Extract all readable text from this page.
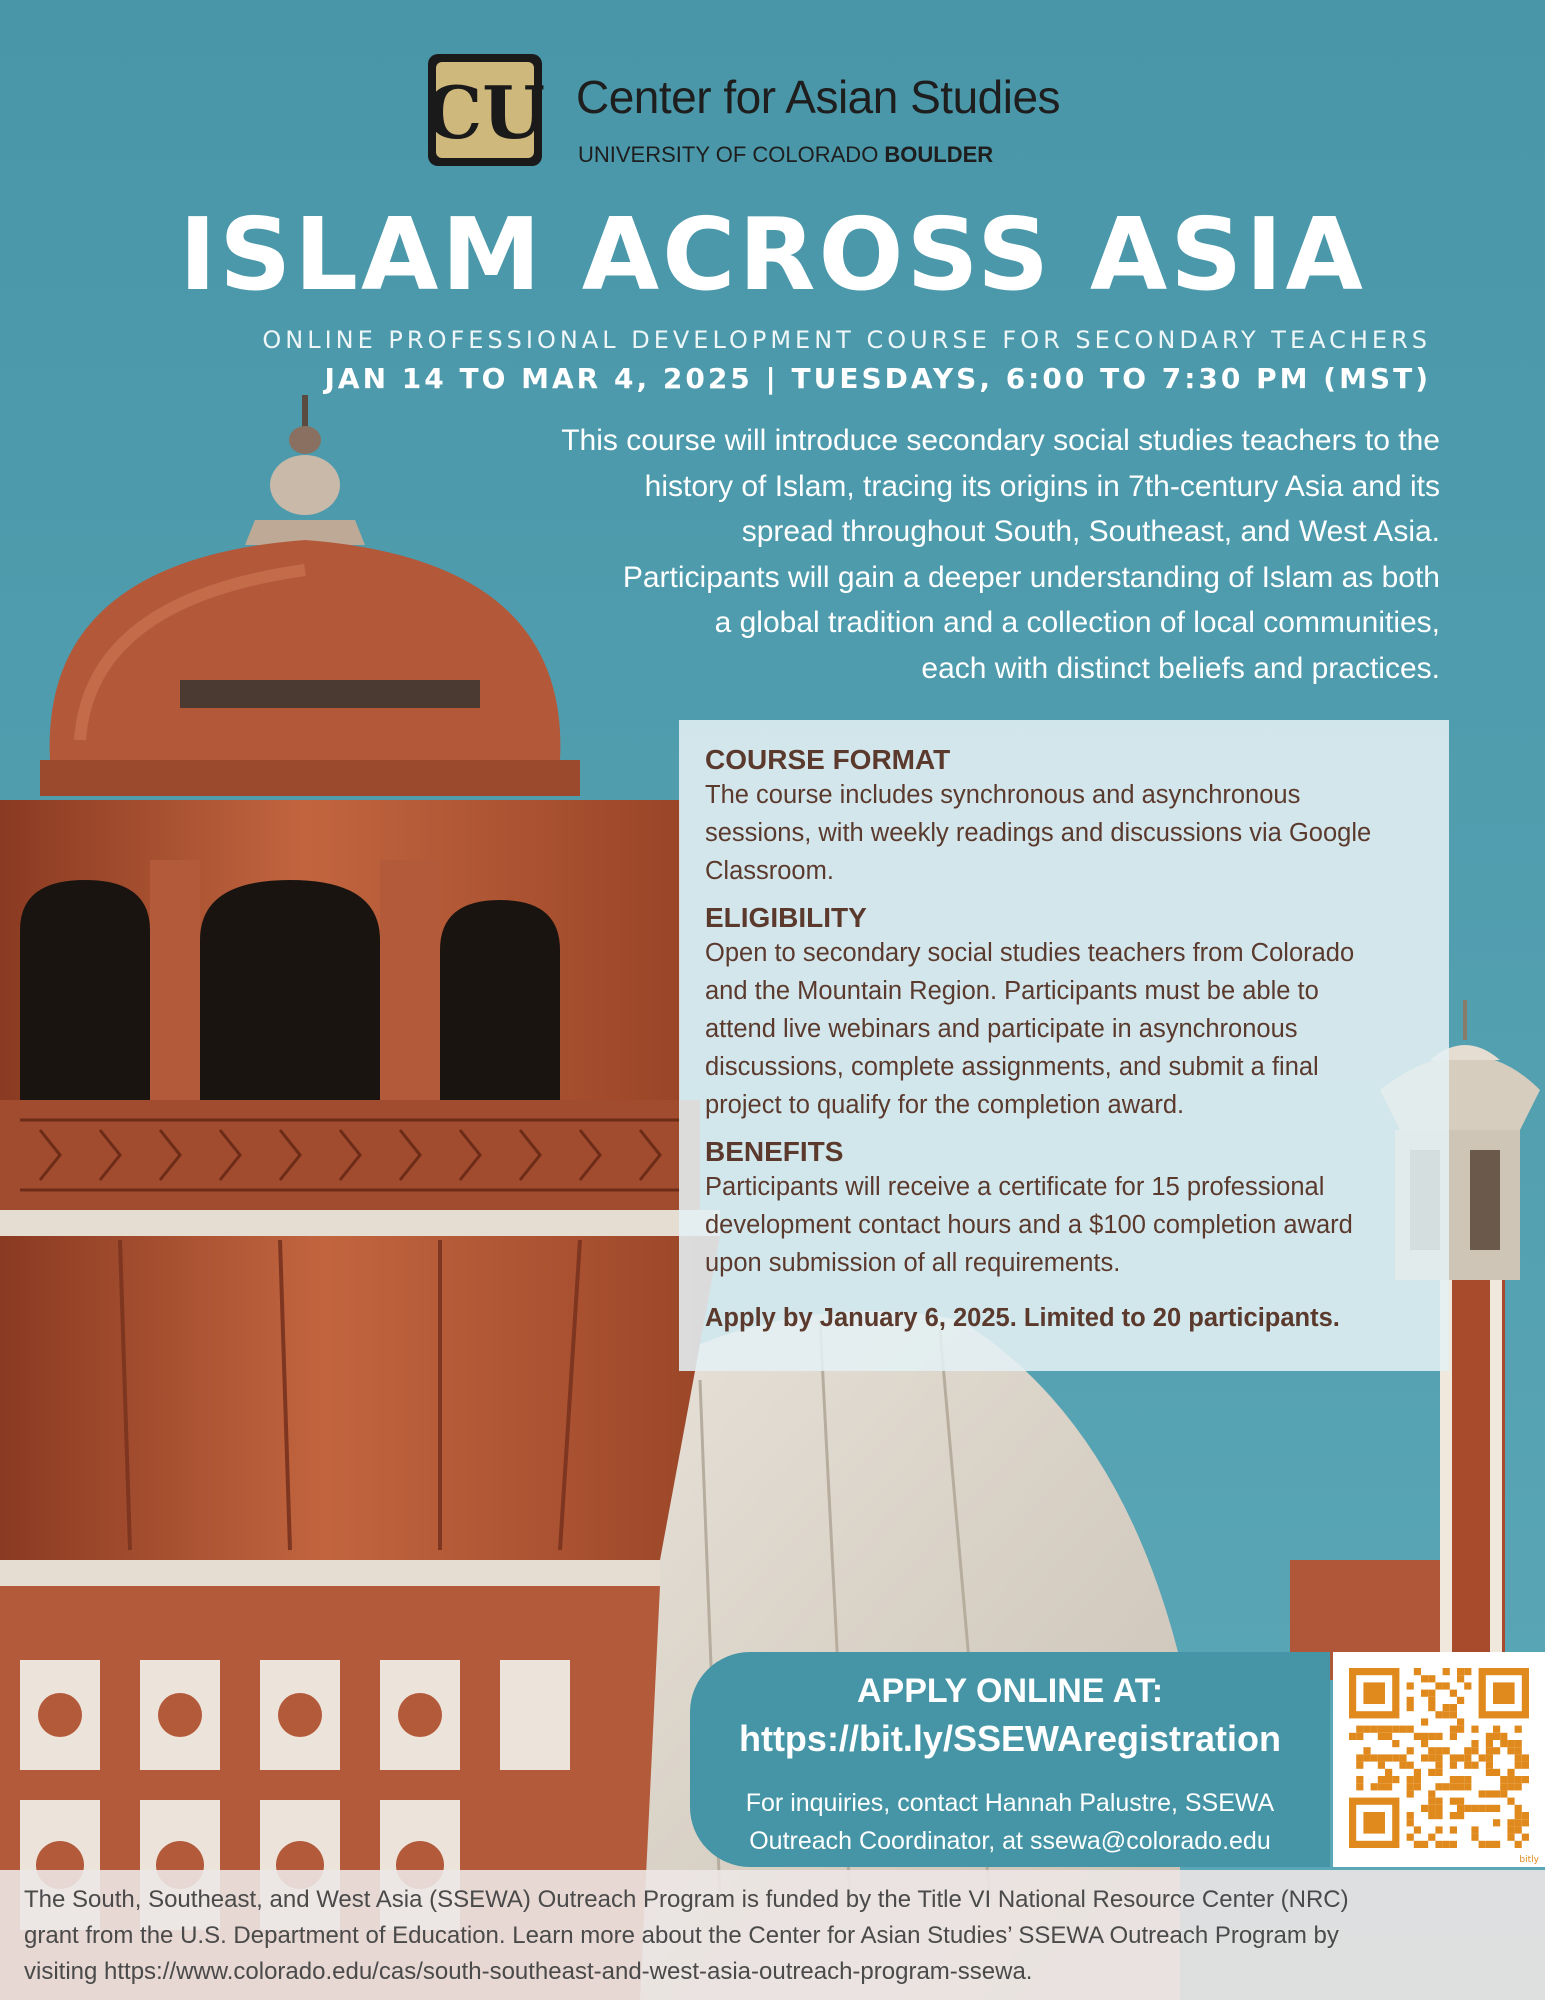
CU Center for Asian Studies
UNIVERSITY OF COLORADO BOULDER
ISLAM ACROSS ASIA
ONLINE PROFESSIONAL DEVELOPMENT COURSE FOR SECONDARY TEACHERS
JAN 14 TO MAR 4, 2025 | TUESDAYS, 6:00 TO 7:30 PM (MST)
This course will introduce secondary social studies teachers to the
history of Islam, tracing its origins in 7th-century Asia and its
spread throughout South, Southeast, and West Asia.
Participants will gain a deeper understanding of Islam as both
a global tradition and a collection of local communities,
each with distinct beliefs and practices.
COURSE FORMAT
The course includes synchronous and asynchronous
sessions, with weekly readings and discussions via Google
Classroom.
ELIGIBILITY
Open to secondary social studies teachers from Colorado
and the Mountain Region. Participants must be able to
attend live webinars and participate in asynchronous
discussions, complete assignments, and submit a final
project to qualify for the completion award.
BENEFITS
Participants will receive a certificate for 15 professional
development contact hours and a $100 completion award
upon submission of all requirements.
Apply by January 6, 2025. Limited to 20 participants.
APPLY ONLINE AT:
https://bit.ly/SSEWAregistration
For inquiries, contact Hannah Palustre, SSEWA
Outreach Coordinator, at ssewa@colorado.edu
bitly
The South, Southeast, and West Asia (SSEWA) Outreach Program is funded by the Title VI National Resource Center (NRC)
grant from the U.S. Department of Education. Learn more about the Center for Asian Studies’ SSEWA Outreach Program by
visiting https://www.colorado.edu/cas/south-southeast-and-west-asia-outreach-program-ssewa.
